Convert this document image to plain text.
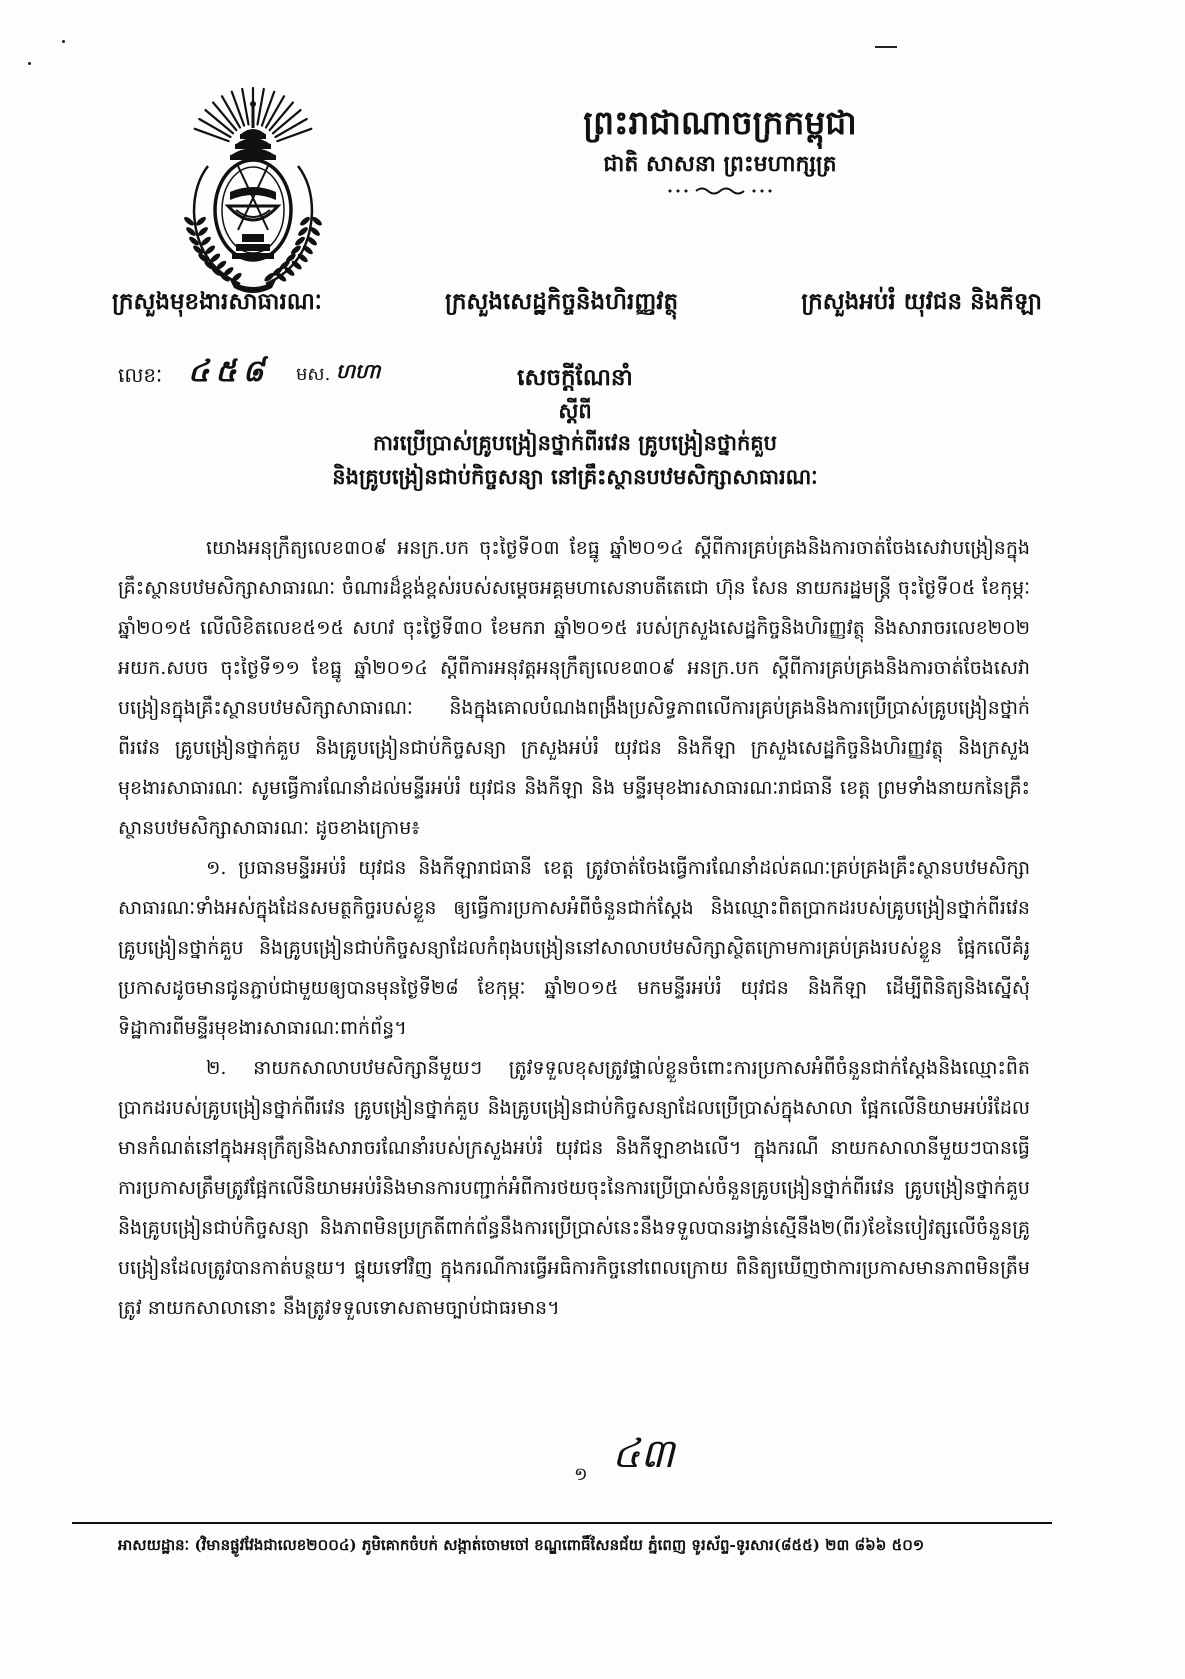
ព្រះរាជាណាចក្រកម្ពុជា
ជាតិ សាសនា ព្រះមហាក្សត្រ
ក្រសួងមុខងារសាធារណៈ	ក្រសួងសេដ្ឋកិច្ចនិងហិរញ្ញវត្ថុ	ក្រសួងអប់រំ យុវជន និងកីឡា
លេខៈ ៤៥៨ មស. ហហា	សេចក្តីណែនាំ
ស្តីពី
ការប្រើប្រាស់គ្រូបង្រៀនថ្នាក់ពីរវេន គ្រូបង្រៀនថ្នាក់គួប
និងគ្រូបង្រៀនជាប់កិច្ចសន្យា នៅគ្រឹះស្ថានបឋមសិក្សាសាធារណៈ

យោងអនុក្រឹត្យលេខ៣០៩ អនក្រ.បក ចុះថ្ងៃទី០៣ ខែធ្នូ ឆ្នាំ២០១៤ ស្តីពីការគ្រប់គ្រងនិងការចាត់ចែងសេវាបង្រៀនក្នុងគ្រឹះស្ថានបឋមសិក្សាសាធារណៈ ចំណារដ៏ខ្ពង់ខ្ពស់របស់សម្តេចអគ្គមហាសេនាបតីតេជោ ហ៊ុន សែន នាយករដ្ឋមន្ត្រី ចុះថ្ងៃទី០៥ ខែកុម្ភៈ ឆ្នាំ២០១៥ លើលិខិតលេខ៥១៥ សហវ ចុះថ្ងៃទី៣០ ខែមករា ឆ្នាំ២០១៥ របស់ក្រសួងសេដ្ឋកិច្ចនិងហិរញ្ញវត្ថុ និងសារាចរលេខ២០២ អយក.សបច ចុះថ្ងៃទី១១ ខែធ្នូ ឆ្នាំ២០១៤ ស្តីពីការអនុវត្តអនុក្រឹត្យលេខ៣០៩ អនក្រ.បក ស្តីពីការគ្រប់គ្រងនិងការចាត់ចែងសេវាបង្រៀនក្នុងគ្រឹះស្ថានបឋមសិក្សាសាធារណៈ និងក្នុងគោលបំណងពង្រឹងប្រសិទ្ធភាពលើការគ្រប់គ្រងនិងការប្រើប្រាស់គ្រូបង្រៀនថ្នាក់ពីរវេន គ្រូបង្រៀនថ្នាក់គួប និងគ្រូបង្រៀនជាប់កិច្ចសន្យា ក្រសួងអប់រំ យុវជន និងកីឡា ក្រសួងសេដ្ឋកិច្ចនិងហិរញ្ញវត្ថុ និងក្រសួងមុខងារសាធារណៈ សូមធ្វើការណែនាំដល់មន្ទីរអប់រំ យុវជន និងកីឡា និង មន្ទីរមុខងារសាធារណៈរាជធានី ខេត្ត ព្រមទាំងនាយកនៃគ្រឹះស្ថានបឋមសិក្សាសាធារណៈ ដូចខាងក្រោម៖

១. ប្រធានមន្ទីរអប់រំ យុវជន និងកីឡារាជធានី ខេត្ត ត្រូវចាត់ចែងធ្វើការណែនាំដល់គណៈគ្រប់គ្រងគ្រឹះស្ថានបឋមសិក្សាសាធារណៈទាំងអស់ក្នុងដែនសមត្ថកិច្ចរបស់ខ្លួន ឲ្យធ្វើការប្រកាសអំពីចំនួនជាក់ស្តែង និងឈ្មោះពិតប្រាកដរបស់គ្រូបង្រៀនថ្នាក់ពីរវេន គ្រូបង្រៀនថ្នាក់គួប និងគ្រូបង្រៀនជាប់កិច្ចសន្យាដែលកំពុងបង្រៀននៅសាលាបឋមសិក្សាស្ថិតក្រោមការគ្រប់គ្រងរបស់ខ្លួន ផ្អែកលើគំរូប្រកាសដូចមានជូនភ្ជាប់ជាមួយឲ្យបានមុនថ្ងៃទី២៨ ខែកុម្ភៈ ឆ្នាំ២០១៥ មកមន្ទីរអប់រំ យុវជន និងកីឡា ដើម្បីពិនិត្យនិងស្នើសុំទិដ្ឋាការពីមន្ទីរមុខងារសាធារណៈពាក់ព័ន្ធ។

២. នាយកសាលាបឋមសិក្សានីមួយៗ ត្រូវទទួលខុសត្រូវផ្ទាល់ខ្លួនចំពោះការប្រកាសអំពីចំនួនជាក់ស្តែងនិងឈ្មោះពិតប្រាកដរបស់គ្រូបង្រៀនថ្នាក់ពីរវេន គ្រូបង្រៀនថ្នាក់គួប និងគ្រូបង្រៀនជាប់កិច្ចសន្យាដែលប្រើប្រាស់ក្នុងសាលា ផ្អែកលើនិយាមអប់រំដែលមានកំណត់នៅក្នុងអនុក្រឹត្យនិងសារាចរណែនាំរបស់ក្រសួងអប់រំ យុវជន និងកីឡាខាងលើ។ ក្នុងករណី នាយកសាលានីមួយៗបានធ្វើការប្រកាសត្រឹមត្រូវផ្អែកលើនិយាមអប់រំនិងមានការបញ្ជាក់អំពីការថយចុះនៃការប្រើប្រាស់ចំនួនគ្រូបង្រៀនថ្នាក់ពីរវេន គ្រូបង្រៀនថ្នាក់គួប និងគ្រូបង្រៀនជាប់កិច្ចសន្យា និងភាពមិនប្រក្រតីពាក់ព័ន្ធនឹងការប្រើប្រាស់នេះនឹងទទួលបានរង្វាន់ស្មើនឹង២(ពីរ)ខែនៃបៀវត្សលើចំនួនគ្រូបង្រៀនដែលត្រូវបានកាត់បន្ថយ។ ផ្ទុយទៅវិញ ក្នុងករណីការធ្វើអធិការកិច្ចនៅពេលក្រោយ ពិនិត្យឃើញថាការប្រកាសមានភាពមិនត្រឹមត្រូវ នាយកសាលានោះ នឹងត្រូវទទួលទោសតាមច្បាប់ជាធរមាន។

១ ៤៣
អាសយដ្ឋានៈ (វិមានផ្លូវវែងជាលេខ២០០៤) ភូមិគោកចំបក់ សង្កាត់ចោមចៅ ខណ្ឌពោធិ៍សែនជ័យ ភ្នំពេញ ទូរស័ព្ទ-ទូរសារ(៨៥៥) ២៣ ៨៦៦ ៥០១
